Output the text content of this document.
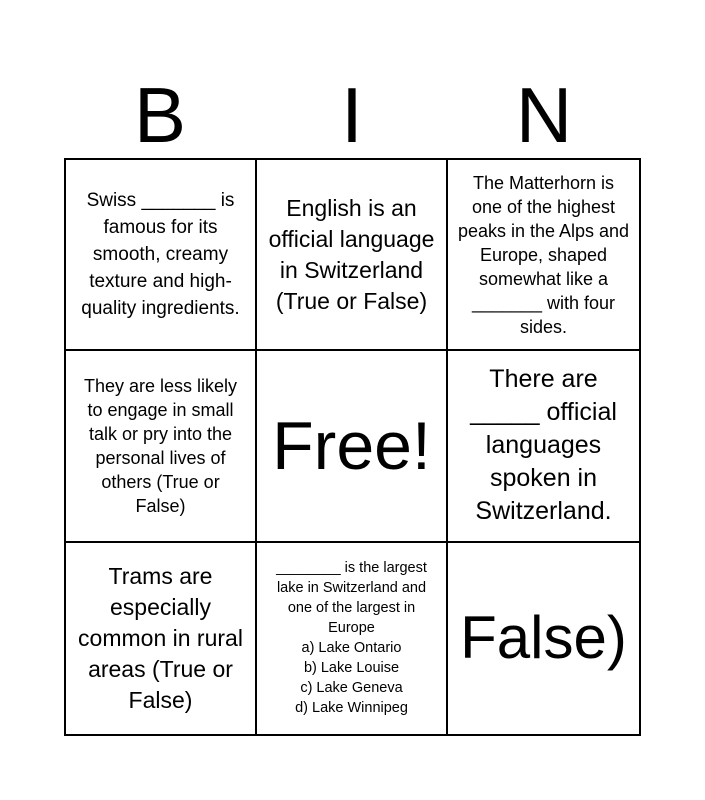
B	I	N
Swiss _______ is famous for its smooth, creamy texture and high-quality ingredients.
English is an official language in Switzerland (True or False)
The Matterhorn is one of the highest peaks in the Alps and Europe, shaped somewhat like a _______ with four sides.
They are less likely to engage in small talk or pry into the personal lives of others (True or False)
Free!
There are _____ official languages spoken in Switzerland.
Trams are especially common in rural areas (True or False)
________ is the largest lake in Switzerland and one of the largest in Europe
a) Lake Ontario
b) Lake Louise
c) Lake Geneva
d) Lake Winnipeg
False)
